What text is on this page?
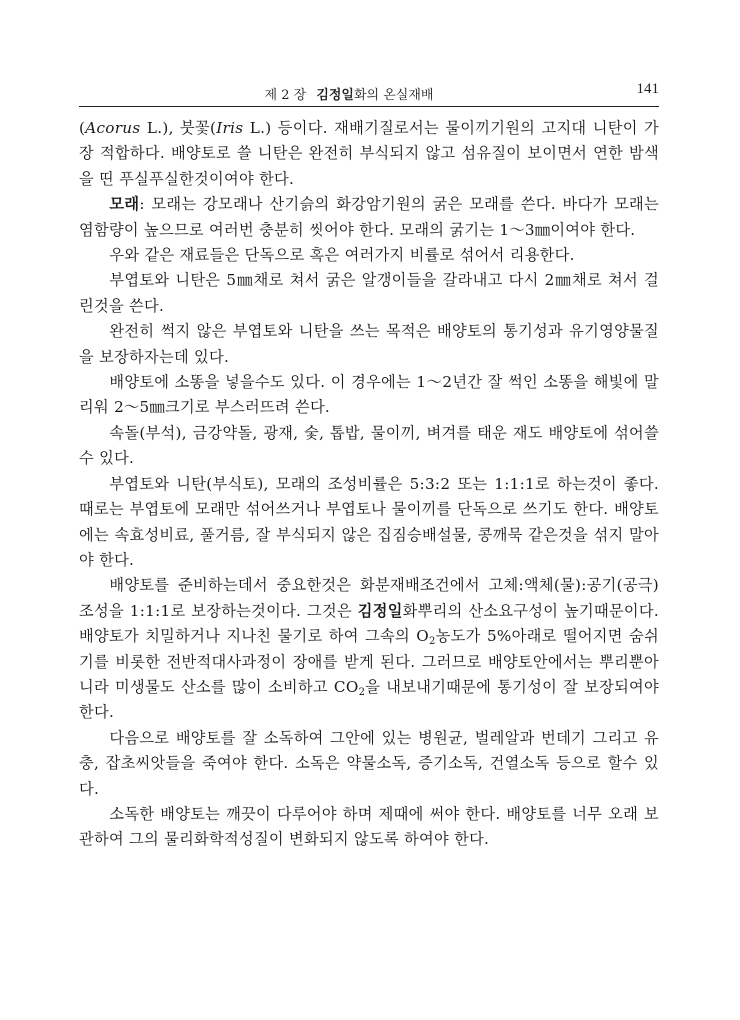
제 2 장 김정일화의 온실재배	141

(Acorus L.), 붓꽃(Iris L.) 등이다. 재배기질로서는 물이끼기원의 고지대 니탄이 가장 적합하다. 배양토로 쓸 니탄은 완전히 부식되지 않고 섬유질이 보이면서 연한 밤색을 띤 푸실푸실한것이여야 한다.

모래: 모래는 강모래나 산기슭의 화강암기원의 굵은 모래를 쓴다. 바다가 모래는 염함량이 높으므로 여러번 충분히 씻어야 한다. 모래의 굵기는 1～3㎜이여야 한다.

우와 같은 재료들은 단독으로 혹은 여러가지 비률로 섞어서 리용한다.

부엽토와 니탄은 5㎜채로 쳐서 굵은 알갱이들을 갈라내고 다시 2㎜채로 쳐서 걸린것을 쓴다.

완전히 썩지 않은 부엽토와 니탄을 쓰는 목적은 배양토의 통기성과 유기영양물질을 보장하자는데 있다.

배양토에 소똥을 넣을수도 있다. 이 경우에는 1～2년간 잘 썩인 소똥을 해빛에 말리워 2～5㎜크기로 부스러뜨려 쓴다.

속돌(부석), 금강약돌, 광재, 숯, 톱밥, 물이끼, 벼겨를 태운 재도 배양토에 섞어쓸수 있다.

부엽토와 니탄(부식토), 모래의 조성비률은 5:3:2 또는 1:1:1로 하는것이 좋다. 때로는 부엽토에 모래만 섞어쓰거나 부엽토나 물이끼를 단독으로 쓰기도 한다. 배양토에는 속효성비료, 풀거름, 잘 부식되지 않은 집짐승배설물, 콩깨묵 같은것을 섞지 말아야 한다.

배양토를 준비하는데서 중요한것은 화분재배조건에서 고체:액체(물):공기(공극)조성을 1:1:1로 보장하는것이다. 그것은 김정일화뿌리의 산소요구성이 높기때문이다. 배양토가 치밀하거나 지나친 물기로 하여 그속의 $O_2$농도가 5%아래로 떨어지면 숨쉬기를 비롯한 전반적대사과정이 장애를 받게 된다. 그러므로 배양토안에서는 뿌리뿐아니라 미생물도 산소를 많이 소비하고 $CO_2$을 내보내기때문에 통기성이 잘 보장되여야 한다.

다음으로 배양토를 잘 소독하여 그안에 있는 병원균, 벌레알과 번데기 그리고 유충, 잡초씨앗들을 죽여야 한다. 소독은 약물소독, 증기소독, 건열소독 등으로 할수 있다.

소독한 배양토는 깨끗이 다루어야 하며 제때에 써야 한다. 배양토를 너무 오래 보관하여 그의 물리화학적성질이 변화되지 않도록 하여야 한다.
